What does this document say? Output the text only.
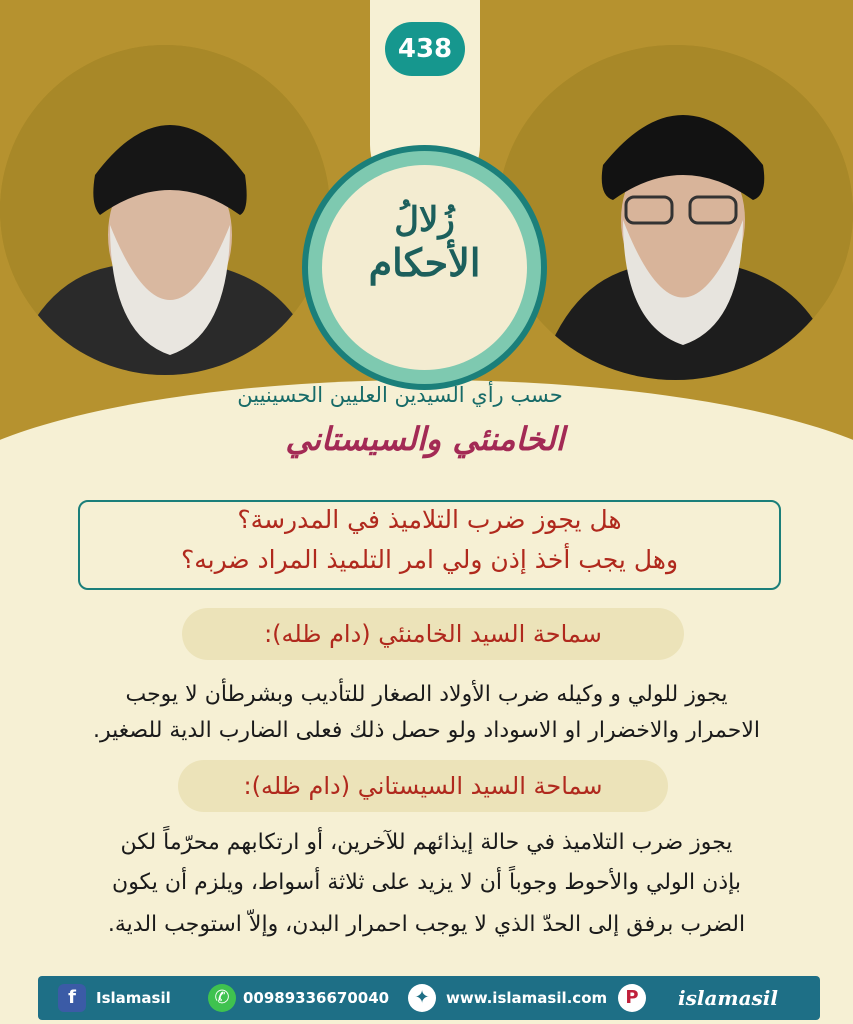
438
زُلالُ
الأحكام
حسب رأي السيدين العليين الحسينيين
الخامنئي والسيستاني
هل يجوز ضرب التلاميذ في المدرسة؟
وهل يجب أخذ إذن ولي امر التلميذ المراد ضربه؟
سماحة السيد الخامنئي (دام ظله):
يجوز للولي و وكيله ضرب الأولاد الصغار للتأديب وبشرطأن لا يوجب
الاحمرار والاخضرار او الاسوداد ولو حصل ذلك فعلى الضارب الدية للصغير.
سماحة السيد السيستاني (دام ظله):
يجوز ضرب التلاميذ في حالة إيذائهم للآخرين، أو ارتكابهم محرّماً لكن
بإذن الولي والأحوط وجوباً أن لا يزيد على ثلاثة أسواط، ويلزم أن يكون
الضرب برفق إلى الحدّ الذي لا يوجب احمرار البدن، وإلاّ استوجب الدية.
f	Islamasil	✆ 00989336670040	✦	www.islamasil.com	P	islamasil
